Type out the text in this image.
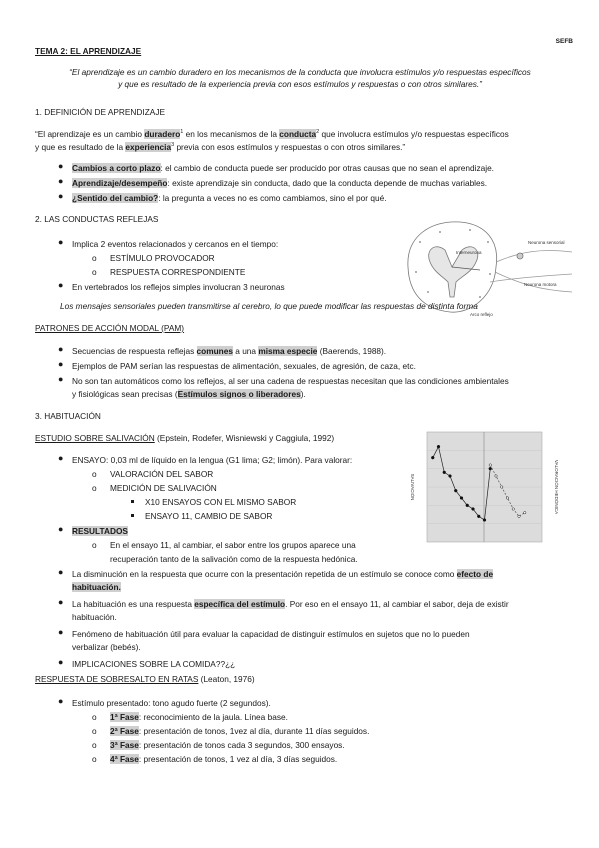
SEFB
TEMA 2: EL APRENDIZAJE
“El aprendizaje es un cambio duradero en los mecanismos de la conducta que involucra estímulos y/o respuestas específicos
y que es resultado de la experiencia previa con esos estímulos y respuestas o con otros similares.”
1. DEFINICIÓN DE APRENDIZAJE
“El aprendizaje es un cambio duradero$^1$ en los mecanismos de la conducta$^2$ que involucra estímulos y/o respuestas específicos
y que es resultado de la experiencia$^3$ previa con esos estímulos y respuestas o con otros similares.”
● Cambios a corto plazo: el cambio de conducta puede ser producido por otras causas que no sean el aprendizaje.
● Aprendizaje/desempeño: existe aprendizaje sin conducta, dado que la conducta depende de muchas variables.
● ¿Sentido del cambio?: la pregunta a veces no es como cambiamos, sino el por qué.
2. LAS CONDUCTAS REFLEJAS
● Implica 2 eventos relacionados y cercanos en el tiempo:
o ESTÍMULO PROVOCADOR
o RESPUESTA CORRESPONDIENTE
● En vertebrados los reflejos simples involucran 3 neuronas
Interneurona
Neurona sensorial
Neurona motora
Arco reflejo
Los mensajes sensoriales pueden transmitirse al cerebro, lo que puede modificar las respuestas de distinta forma
PATRONES DE ACCIÓN MODAL (PAM)
● Secuencias de respuesta reflejas comunes a una misma especie (Baerends, 1988).
● Ejemplos de PAM serían las respuestas de alimentación, sexuales, de agresión, de caza, etc.
● No son tan automáticos como los reflejos, al ser una cadena de respuestas necesitan que las condiciones ambientales
y fisiológicas sean precisas (Estímulos signos o liberadores).
3. HABITUACIÓN
ESTUDIO SOBRE SALIVACIÓN (Epstein, Rodefer, Wisniewski y Caggiula, 1992)
● ENSAYO: 0,03 ml de líquido en la lengua (G1 lima; G2; limón). Para valorar:
o VALORACIÓN DEL SABOR
o MEDICIÓN DE SALIVACIÓN
X10 ENSAYOS CON EL MISMO SABOR
ENSAYO 11, CAMBIO DE SABOR
● RESULTADOS
o En el ensayo 11, al cambiar, el sabor entre los grupos aparece una
recuperación tanto de la salivación como de la respuesta hedónica.
● La disminución en la respuesta que ocurre con la presentación repetida de un estímulo se conoce como efecto de
habituación.
● La habituación es una respuesta específica del estímulo. Por eso en el ensayo 11, al cambiar el sabor, deja de existir
habituación.
● Fenómeno de habituación útil para evaluar la capacidad de distinguir estímulos en sujetos que no lo pueden
verbalizar (bebés).
● IMPLICACIONES SOBRE LA COMIDA??¿¿
SALIVACIÓN	VALORACIÓN HEDÓNICA
RESPUESTA DE SOBRESALTO EN RATAS (Leaton, 1976)
● Estímulo presentado: tono agudo fuerte (2 segundos).
o 1ª Fase: reconocimiento de la jaula. Línea base.
o 2ª Fase: presentación de tonos, 1vez al día, durante 11 días seguidos.
o 3ª Fase: presentación de tonos cada 3 segundos, 300 ensayos.
o 4ª Fase: presentación de tonos, 1 vez al día, 3 días seguidos.
